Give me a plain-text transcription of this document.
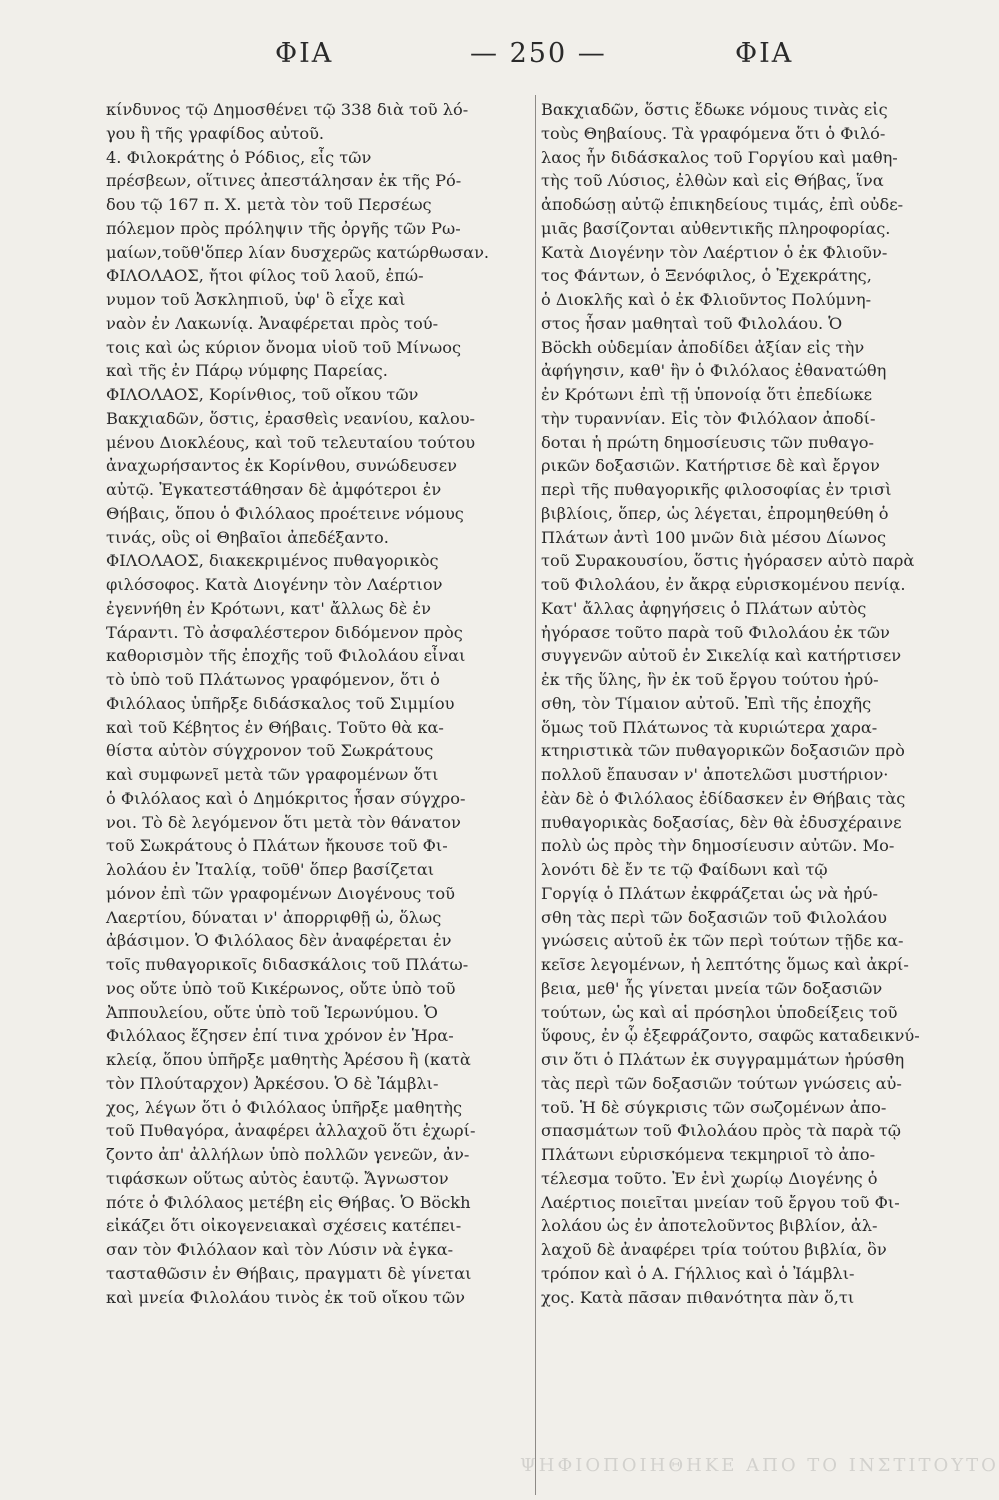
ΦΙΑ	— 250 —	ΦΙΑ
κίνδυνος τῷ Δημοσθένει τῷ 338 διὰ τοῦ λό-
γου ἢ τῆς γραφίδος αὐτοῦ.
4. Φιλοκράτης ὁ Ρόδιος, εἷς τῶν
πρέσβεων, οἵτινες ἀπεστάλησαν ἐκ τῆς Ρό-
δου τῷ 167 π. Χ. μετὰ τὸν τοῦ Περσέως
πόλεμον πρὸς πρόληψιν τῆς ὀργῆς τῶν Ρω-
μαίων,τοῦθ'ὅπερ λίαν δυσχερῶς κατώρθωσαν.
ΦΙΛΟΛΑΟΣ, ἤτοι φίλος τοῦ λαοῦ, ἐπώ-
νυμον τοῦ Ἀσκληπιοῦ, ὑφ' ὃ εἶχε καὶ
ναὸν ἐν Λακωνίᾳ. Ἀναφέρεται πρὸς τού-
τοις καὶ ὡς κύριον ὄνομα υἱοῦ τοῦ Μίνωος
καὶ τῆς ἐν Πάρῳ νύμφης Παρείας.
ΦΙΛΟΛΑΟΣ, Κορίνθιος, τοῦ οἴκου τῶν
Βακχιαδῶν, ὅστις, ἐρασθεὶς νεανίου, καλου-
μένου Διοκλέους, καὶ τοῦ τελευταίου τούτου
ἀναχωρήσαντος ἐκ Κορίνθου, συνώδευσεν
αὐτῷ. Ἐγκατεστάθησαν δὲ ἀμφότεροι ἐν
Θήβαις, ὅπου ὁ Φιλόλαος προέτεινε νόμους
τινάς, οὓς οἱ Θηβαῖοι ἀπεδέξαντο.
ΦΙΛΟΛΑΟΣ, διακεκριμένος πυθαγορικὸς
φιλόσοφος. Κατὰ Διογένην τὸν Λαέρτιον
ἐγεννήθη ἐν Κρότωνι, κατ' ἄλλως δὲ ἐν
Τάραντι. Τὸ ἀσφαλέστερον διδόμενον πρὸς
καθορισμὸν τῆς ἐποχῆς τοῦ Φιλολάου εἶναι
τὸ ὑπὸ τοῦ Πλάτωνος γραφόμενον, ὅτι ὁ
Φιλόλαος ὑπῆρξε διδάσκαλος τοῦ Σιμμίου
καὶ τοῦ Κέβητος ἐν Θήβαις. Τοῦτο θὰ κα-
θίστα αὐτὸν σύγχρονον τοῦ Σωκράτους
καὶ συμφωνεῖ μετὰ τῶν γραφομένων ὅτι
ὁ Φιλόλαος καὶ ὁ Δημόκριτος ἦσαν σύγχρο-
νοι. Τὸ δὲ λεγόμενον ὅτι μετὰ τὸν θάνατον
τοῦ Σωκράτους ὁ Πλάτων ἤκουσε τοῦ Φι-
λολάου ἐν Ἰταλίᾳ, τοῦθ' ὅπερ βασίζεται
μόνον ἐπὶ τῶν γραφομένων Διογένους τοῦ
Λαερτίου, δύναται ν' ἀπορριφθῇ ὡ, ὅλως
ἀβάσιμον. Ὁ Φιλόλαος δὲν ἀναφέρεται ἐν
τοῖς πυθαγορικοῖς διδασκάλοις τοῦ Πλάτω-
νος οὔτε ὑπὸ τοῦ Κικέρωνος, οὔτε ὑπὸ τοῦ
Ἀππουλείου, οὔτε ὑπὸ τοῦ Ἱερωνύμου. Ὁ
Φιλόλαος ἔζησεν ἐπί τινα χρόνον ἐν Ἡρα-
κλείᾳ, ὅπου ὑπῆρξε μαθητὴς Ἀρέσου ἢ (κατὰ
τὸν Πλούταρχον) Ἀρκέσου. Ὁ δὲ Ἰάμβλι-
χος, λέγων ὅτι ὁ Φιλόλαος ὑπῆρξε μαθητὴς
τοῦ Πυθαγόρα, ἀναφέρει ἀλλαχοῦ ὅτι ἐχωρί-
ζοντο ἀπ' ἀλλήλων ὑπὸ πολλῶν γενεῶν, ἀν-
τιφάσκων οὕτως αὐτὸς ἑαυτῷ. Ἄγνωστον
πότε ὁ Φιλόλαος μετέβη εἰς Θήβας. Ὁ Böckh
εἰκάζει ὅτι οἰκογενειακαὶ σχέσεις κατέπει-
σαν τὸν Φιλόλαον καὶ τὸν Λύσιν νὰ ἐγκα-
τασταθῶσιν ἐν Θήβαις, πραγματι δὲ γίνεται
καὶ μνεία Φιλολάου τινὸς ἐκ τοῦ οἴκου τῶν
Βακχιαδῶν, ὅστις ἔδωκε νόμους τινὰς εἰς
τοὺς Θηβαίους. Τὰ γραφόμενα ὅτι ὁ Φιλό-
λαος ἦν διδάσκαλος τοῦ Γοργίου καὶ μαθη-
τὴς τοῦ Λύσιος, ἐλθὼν καὶ εἰς Θήβας, ἵνα
ἀποδώσῃ αὐτῷ ἐπικηδείους τιμάς, ἐπὶ οὐδε-
μιᾶς βασίζονται αὐθεντικῆς πληροφορίας.
Κατὰ Διογένην τὸν Λαέρτιον ὁ ἐκ Φλιοῦν-
τος Φάντων, ὁ Ξενόφιλος, ὁ Ἐχεκράτης,
ὁ Διοκλῆς καὶ ὁ ἐκ Φλιοῦντος Πολύμνη-
στος ἦσαν μαθηταὶ τοῦ Φιλολάου. Ὁ
Böckh οὐδεμίαν ἀποδίδει ἀξίαν εἰς τὴν
ἀφήγησιν, καθ' ἣν ὁ Φιλόλαος ἐθανατώθη
ἐν Κρότωνι ἐπὶ τῇ ὑπονοίᾳ ὅτι ἐπεδίωκε
τὴν τυραννίαν. Εἰς τὸν Φιλόλαον ἀποδί-
δοται ἡ πρώτη δημοσίευσις τῶν πυθαγο-
ρικῶν δοξασιῶν. Κατήρτισε δὲ καὶ ἔργον
περὶ τῆς πυθαγορικῆς φιλοσοφίας ἐν τρισὶ
βιβλίοις, ὅπερ, ὡς λέγεται, ἐπρομηθεύθη ὁ
Πλάτων ἀντὶ 100 μνῶν διὰ μέσου Δίωνος
τοῦ Συρακουσίου, ὅστις ἠγόρασεν αὐτὸ παρὰ
τοῦ Φιλολάου, ἐν ἄκρᾳ εὑρισκομένου πενίᾳ.
Κατ' ἄλλας ἀφηγήσεις ὁ Πλάτων αὐτὸς
ἠγόρασε τοῦτο παρὰ τοῦ Φιλολάου ἐκ τῶν
συγγενῶν αὐτοῦ ἐν Σικελίᾳ καὶ κατήρτισεν
ἐκ τῆς ὕλης, ἣν ἐκ τοῦ ἔργου τούτου ἠρύ-
σθη, τὸν Τίμαιον αὐτοῦ. Ἐπὶ τῆς ἐποχῆς
ὅμως τοῦ Πλάτωνος τὰ κυριώτερα χαρα-
κτηριστικὰ τῶν πυθαγορικῶν δοξασιῶν πρὸ
πολλοῦ ἔπαυσαν ν' ἀποτελῶσι μυστήριον·
ἐὰν δὲ ὁ Φιλόλαος ἐδίδασκεν ἐν Θήβαις τὰς
πυθαγορικὰς δοξασίας, δὲν θὰ ἐδυσχέραινε
πολὺ ὡς πρὸς τὴν δημοσίευσιν αὐτῶν. Μο-
λονότι δὲ ἔν τε τῷ Φαίδωνι καὶ τῷ
Γοργίᾳ ὁ Πλάτων ἐκφράζεται ὡς νὰ ἠρύ-
σθη τὰς περὶ τῶν δοξασιῶν τοῦ Φιλολάου
γνώσεις αὐτοῦ ἐκ τῶν περὶ τούτων τῇδε κα-
κεῖσε λεγομένων, ἡ λεπτότης ὅμως καὶ ἀκρί-
βεια, μεθ' ἧς γίνεται μνεία τῶν δοξασιῶν
τούτων, ὡς καὶ αἱ πρόσηλοι ὑποδείξεις τοῦ
ὕφους, ἐν ᾧ ἐξεφράζοντο, σαφῶς καταδεικνύ-
σιν ὅτι ὁ Πλάτων ἐκ συγγραμμάτων ἠρύσθη
τὰς περὶ τῶν δοξασιῶν τούτων γνώσεις αὐ-
τοῦ. Ἡ δὲ σύγκρισις τῶν σωζομένων ἀπο-
σπασμάτων τοῦ Φιλολάου πρὸς τὰ παρὰ τῷ
Πλάτωνι εὑρισκόμενα τεκμηριοῖ τὸ ἀπο-
τέλεσμα τοῦτο. Ἐν ἑνὶ χωρίῳ Διογένης ὁ
Λαέρτιος ποιεῖται μνείαν τοῦ ἔργου τοῦ Φι-
λολάου ὡς ἐν ἀποτελοῦντος βιβλίον, ἀλ-
λαχοῦ δὲ ἀναφέρει τρία τούτου βιβλία, ὃν
τρόπον καὶ ὁ Α. Γήλλιος καὶ ὁ Ἰάμβλι-
χος. Κατὰ πᾶσαν πιθανότητα πὰν ὅ,τι
ΨΗΦΙΟΠΟΙΗΘΗΚΕ ΑΠΟ ΤΟ ΙΝΣΤΙΤΟΥΤΟ
